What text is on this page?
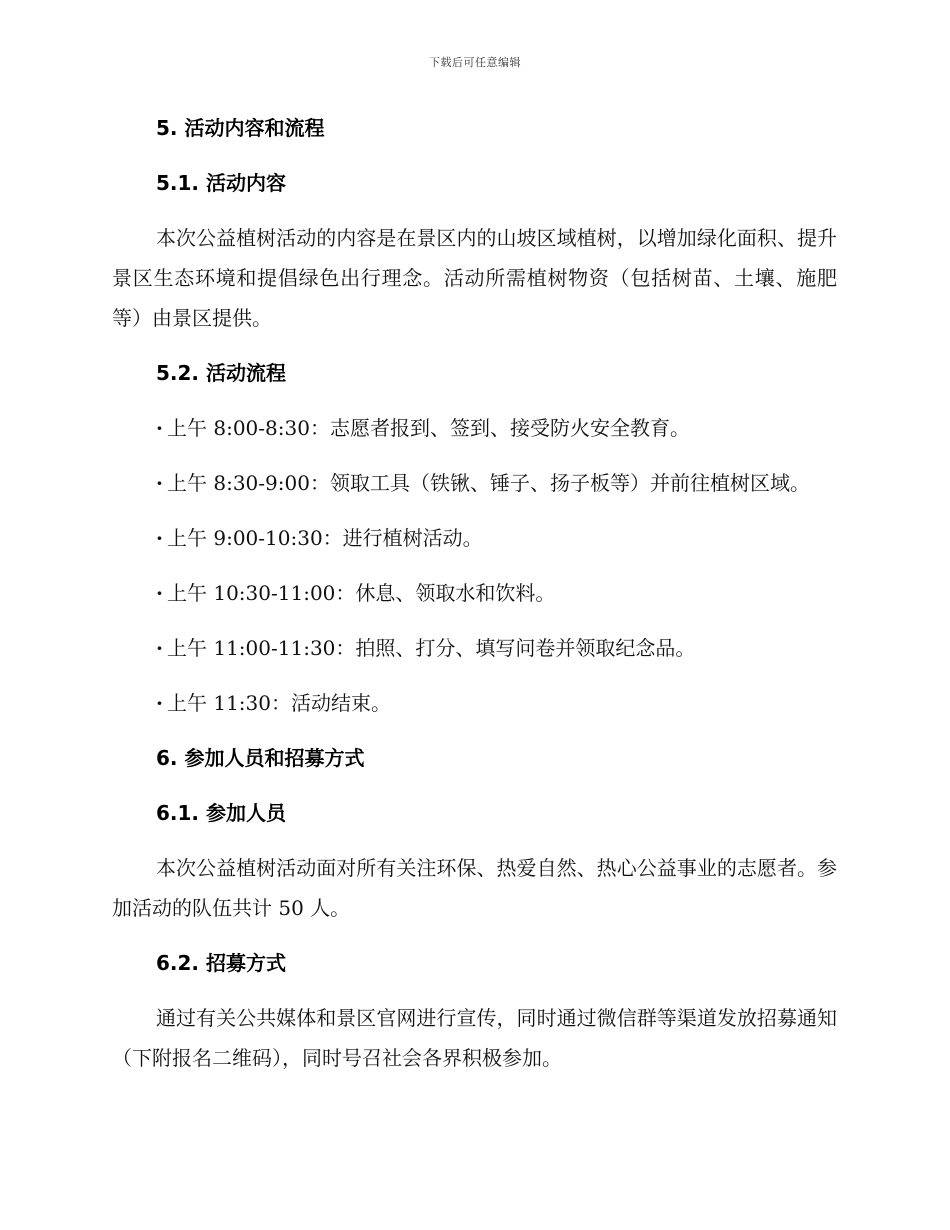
下载后可任意编辑
5. 活动内容和流程
5.1. 活动内容
本次公益植树活动的内容是在景区内的山坡区域植树，以增加绿化面积、提升景区生态环境和提倡绿色出行理念。活动所需植树物资（包括树苗、土壤、施肥等）由景区提供。
5.2. 活动流程
· 上午 8:00-8:30：志愿者报到、签到、接受防火安全教育。
· 上午 8:30-9:00：领取工具（铁锹、锤子、扬子板等）并前往植树区域。
· 上午 9:00-10:30：进行植树活动。
· 上午 10:30-11:00：休息、领取水和饮料。
· 上午 11:00-11:30：拍照、打分、填写问卷并领取纪念品。
· 上午 11:30：活动结束。
6. 参加人员和招募方式
6.1. 参加人员
本次公益植树活动面对所有关注环保、热爱自然、热心公益事业的志愿者。参加活动的队伍共计 50 人。
6.2. 招募方式
通过有关公共媒体和景区官网进行宣传，同时通过微信群等渠道发放招募通知（下附报名二维码），同时号召社会各界积极参加。
